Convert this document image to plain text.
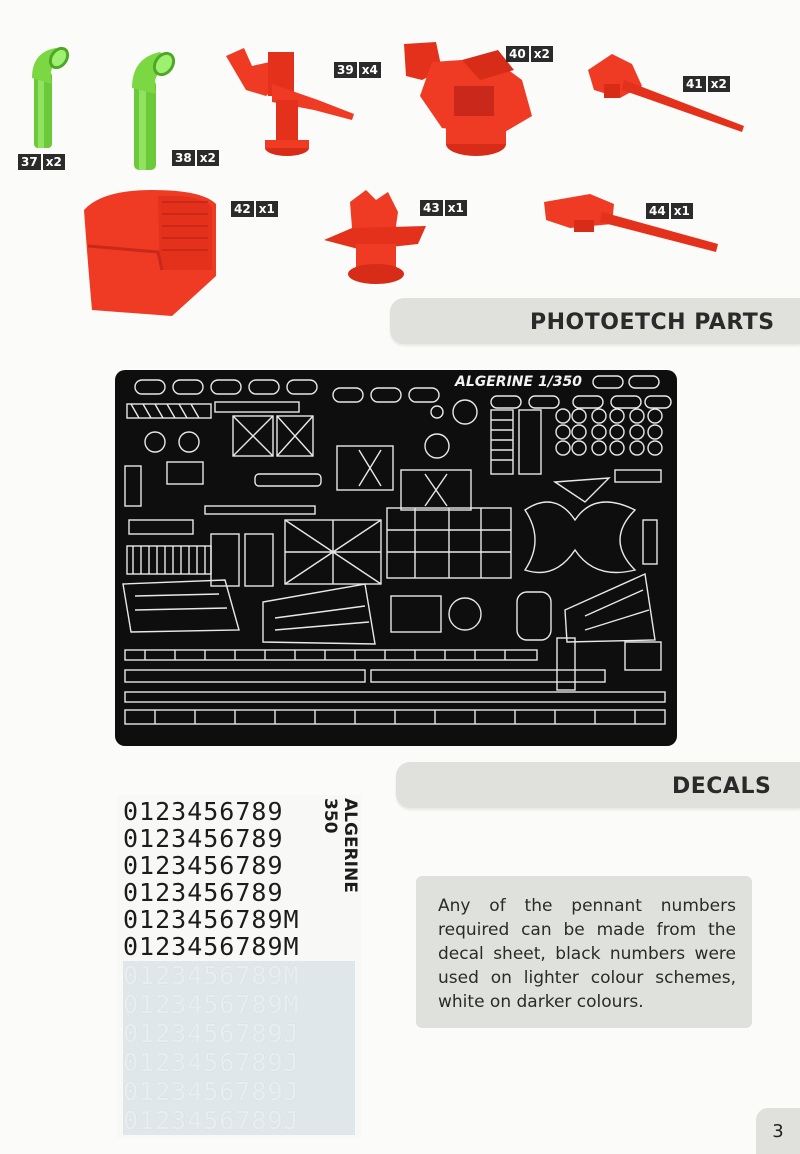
37 x2	38 x2
39 x4
40 x2
41 x2
42 x1	43 x1	44 x1
PHOTOETCH PARTS
ALGERINE 1/350
DECALS
0123456789
0123456789
0123456789
0123456789
0123456789M
0123456789M
0123456789M
0123456789M
0123456789J
0123456789J
0123456789J
0123456789J
ALGERINE 350

Any of the pennant numbers required can be made from the decal sheet, black numbers were used on lighter colour schemes, white on darker colours.

3
